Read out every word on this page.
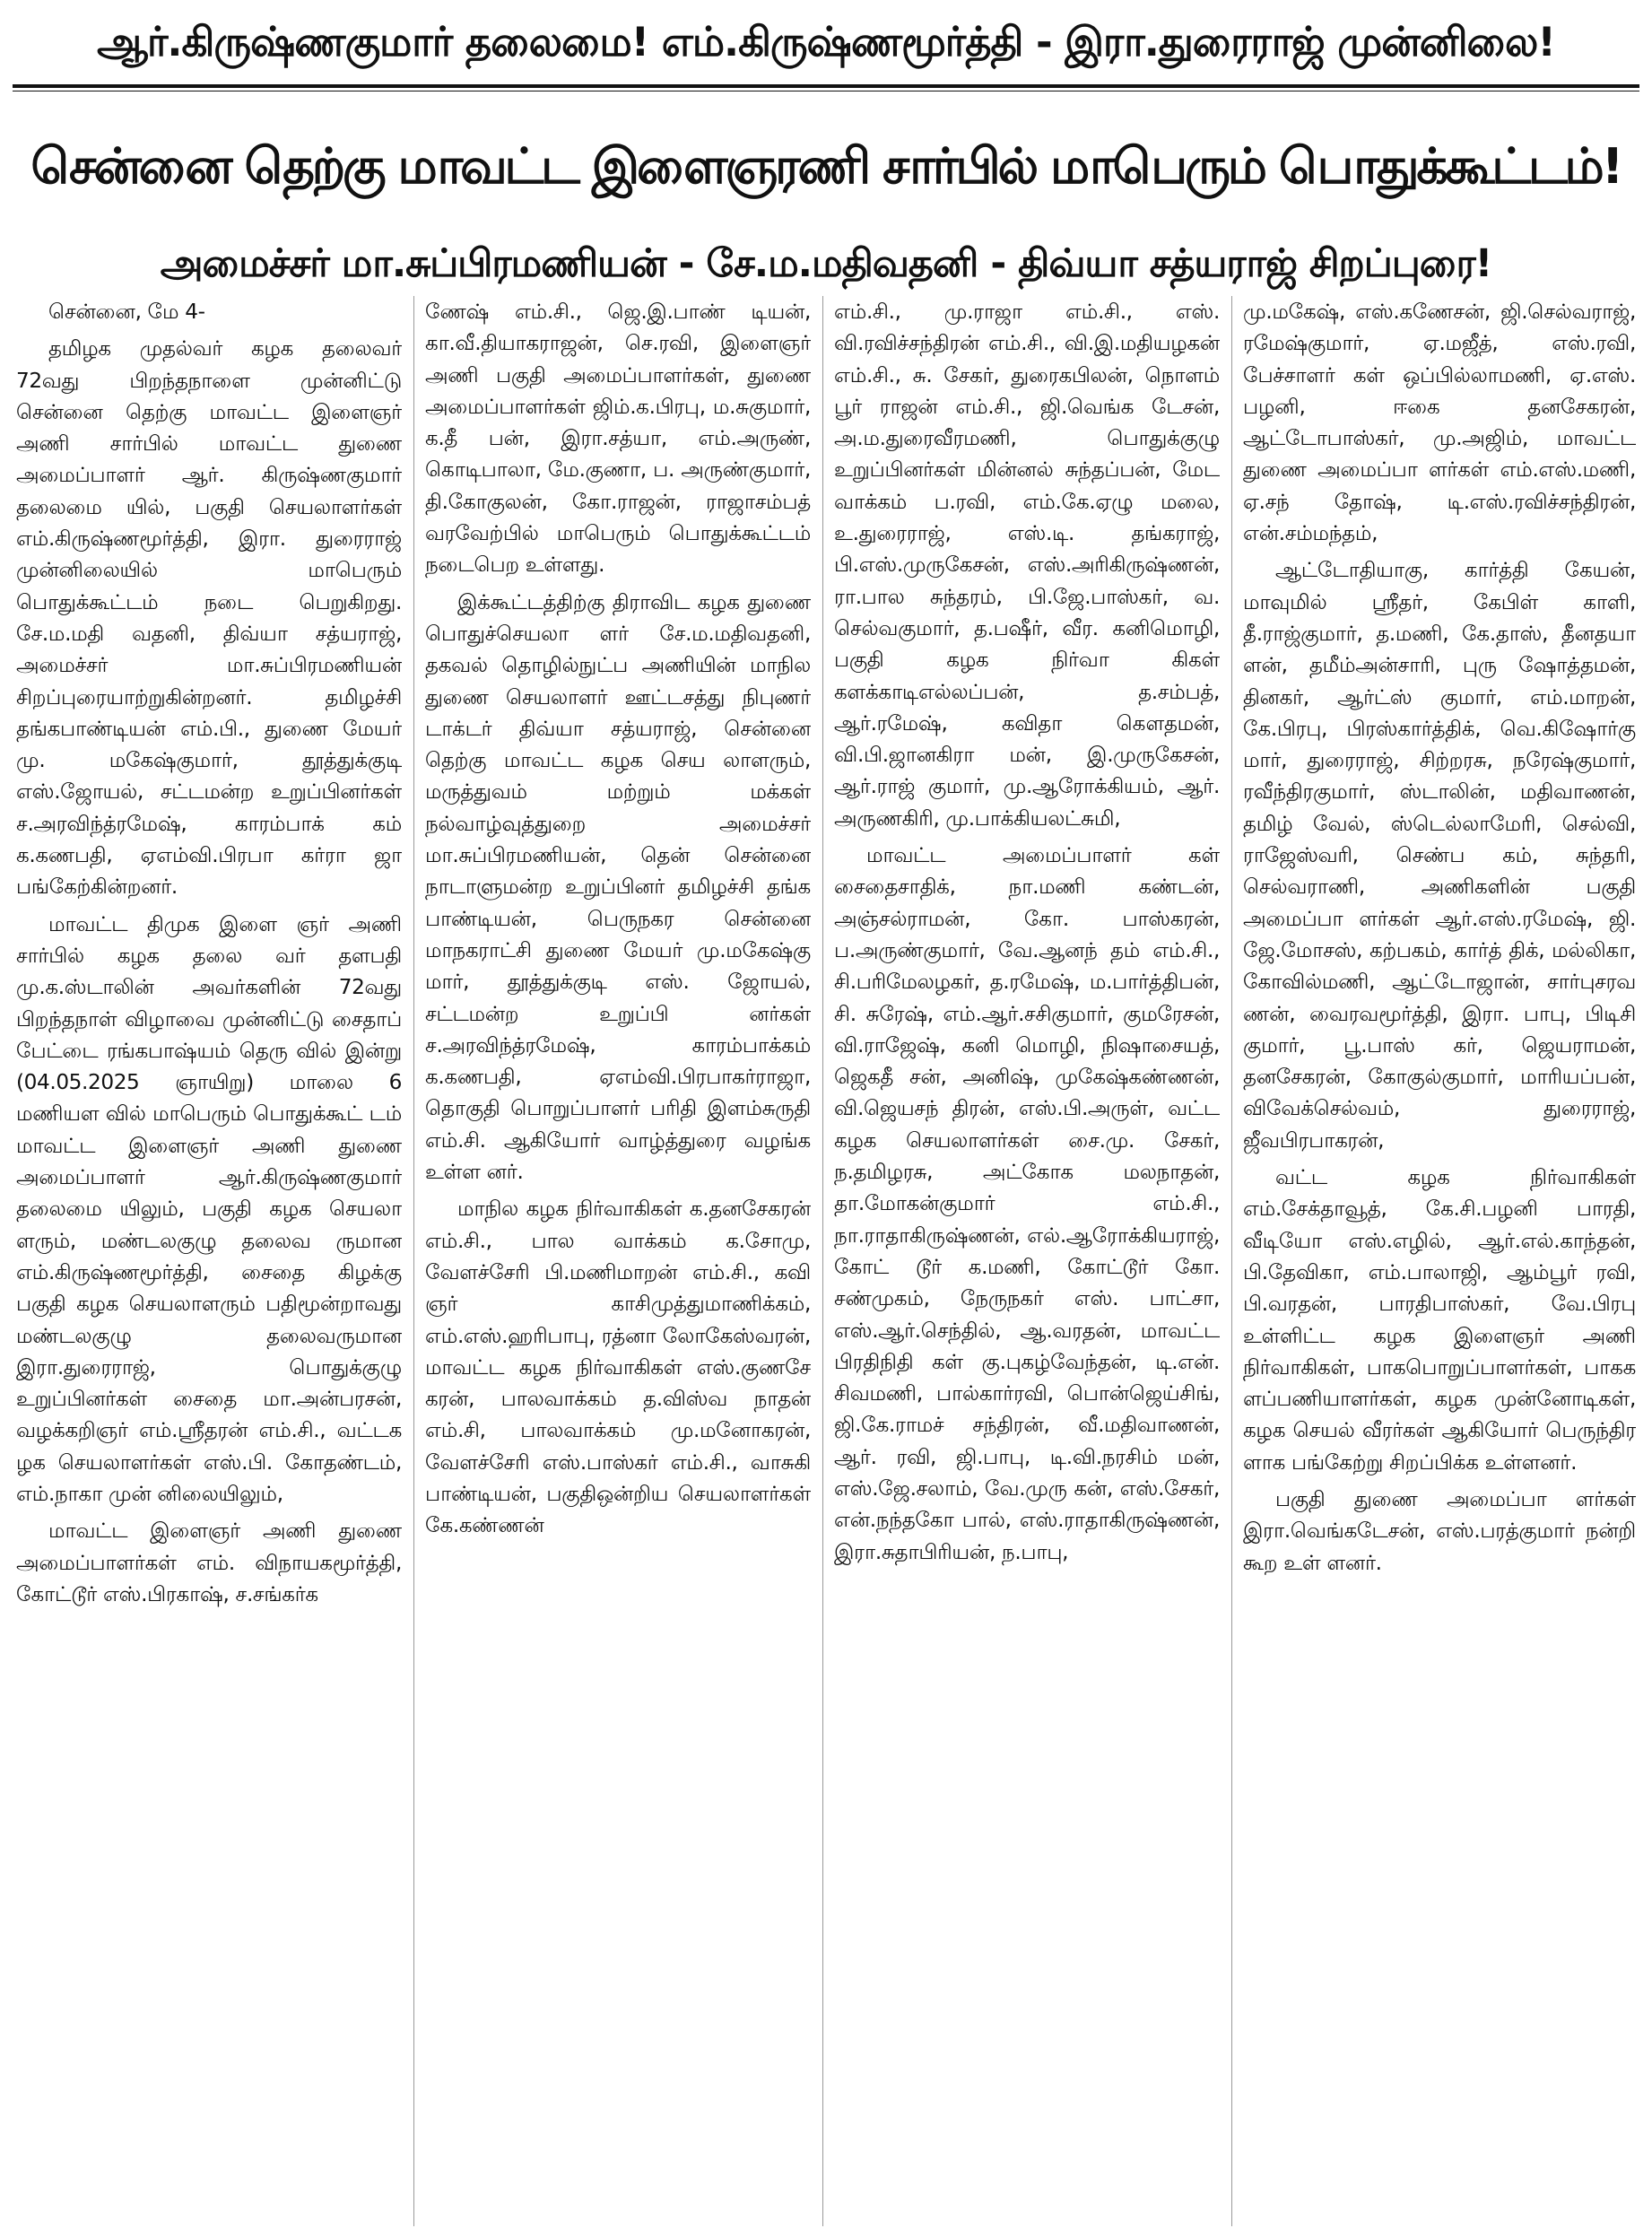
ஆர்.கிருஷ்ணகுமார் தலைமை! எம்.கிருஷ்ணமூர்த்தி - இரா.துரைராஜ் முன்னிலை!
சென்னை தெற்கு மாவட்ட இளைஞரணி சார்பில் மாபெரும் பொதுக்கூட்டம்!
அமைச்சர் மா.சுப்பிரமணியன் - சே.ம.மதிவதனி - திவ்யா சத்யராஜ் சிறப்புரை!

சென்னை, மே 4-

தமிழக முதல்வர் கழக தலைவர் 72வது பிறந்தநாளை முன்னிட்டு சென்னை தெற்கு மாவட்ட இளைஞர் அணி சார்பில் மாவட்ட துணை அமைப்பாளர் ஆர். கிருஷ்ணகுமார் தலைமை யில், பகுதி செயலாளர்கள் எம்.கிருஷ்ணமூர்த்தி, இரா. துரைராஜ் முன்னிலையில் மாபெரும் பொதுக்கூட்டம் நடை பெறுகிறது. சே.ம.மதி வதனி, திவ்யா சத்யராஜ், அமைச்சர் மா.சுப்பிரமணியன் சிறப்புரையாற்றுகின்றனர். தமிழச்சி தங்கபாண்டியன் எம்.பி., துணை மேயர் மு. மகேஷ்குமார், தூத்துக்குடி எஸ்.ஜோயல், சட்டமன்ற உறுப்பினர்கள் ச.அரவிந்த்ரமேஷ், காரம்பாக் கம் க.கணபதி, ஏஎம்வி.பிரபா கர்ரா ஜா பங்கேற்கின்றனர்.

மாவட்ட திமுக இளை ஞர் அணி சார்பில் கழக தலை வர் தளபதி மு.க.ஸ்டாலின் அவர்களின் 72வது பிறந்தநாள் விழாவை முன்னிட்டு சைதாப் பேட்டை ரங்கபாஷ்யம் தெரு வில் இன்று (04.05.2025 ஞாயிறு) மாலை 6 மணியள வில் மாபெரும் பொதுக்கூட் டம் மாவட்ட இளைஞர் அணி துணை அமைப்பாளர் ஆர்.கிருஷ்ணகுமார் தலைமை யிலும், பகுதி கழக செயலா ளரும், மண்டலகுழு தலைவ ருமான எம்.கிருஷ்ணமூர்த்தி, சைதை கிழக்கு பகுதி கழக செயலாளரும் பதிமூன்றாவது மண்டலகுழு தலைவருமான இரா.துரைராஜ், பொதுக்குழு உறுப்பினர்கள் சைதை மா.அன்பரசன், வழக்கறிஞர் எம்.ஸ்ரீதரன் எம்.சி., வட்டக ழக செயலாளர்கள் எஸ்.பி. கோதண்டம், எம்.நாகா முன் னிலையிலும்,

மாவட்ட இளைஞர் அணி துணை அமைப்பாளர்கள் எம். விநாயகமூர்த்தி, கோட்டூர் எஸ்.பிரகாஷ், ச.சங்கர்க

ணேஷ் எம்.சி., ஜெ.இ.பாண் டியன், கா.வீ.தியாகராஜன், செ.ரவி, இளைஞர் அணி பகுதி அமைப்பாளர்கள், துணை அமைப்பாளர்கள் ஜிம்.க.பிரபு, ம.சுகுமார், க.தீ பன், இரா.சத்யா, எம்.அருண், கொடிபாலா, மே.குணா, ப. அருண்குமார், தி.கோகுலன், கோ.ராஜன், ராஜாசம்பத் வரவேற்பில் மாபெரும் பொதுக்கூட்டம் நடைபெற உள்ளது.

இக்கூட்டத்திற்கு திராவிட கழக துணை பொதுச்செயலா ளர் சே.ம.மதிவதனி, தகவல் தொழில்நுட்ப அணியின் மாநில துணை செயலாளர் ஊட்டசத்து நிபுணர் டாக்டர் திவ்யா சத்யராஜ், சென்னை தெற்கு மாவட்ட கழக செய லாளரும், மருத்துவம் மற்றும் மக்கள் நல்வாழ்வுத்துறை அமைச்சர் மா.சுப்பிரமணியன், தென் சென்னை நாடாளுமன்ற உறுப்பினர் தமிழச்சி தங்க பாண்டியன், பெருநகர சென்னை மாநகராட்சி துணை மேயர் மு.மகேஷ்கு மார், தூத்துக்குடி எஸ். ஜோயல், சட்டமன்ற உறுப்பி னர்கள் ச.அரவிந்த்ரமேஷ், காரம்பாக்கம் க.கணபதி, ஏஎம்வி.பிரபாகர்ராஜா, தொகுதி பொறுப்பாளர் பரிதி இளம்சுருதி எம்.சி. ஆகியோர் வாழ்த்துரை வழங்க உள்ள னர்.

மாநில கழக நிர்வாகிகள் க.தனசேகரன் எம்.சி., பால வாக்கம் க.சோமு, வேளச்சேரி பி.மணிமாறன் எம்.சி., கவி ஞர் காசிமுத்துமாணிக்கம், எம்.எஸ்.ஹரிபாபு, ரத்னா லோகேஸ்வரன், மாவட்ட கழக நிர்வாகிகள் எஸ்.குணசே கரன், பாலவாக்கம் த.விஸ்வ நாதன் எம்.சி, பாலவாக்கம் மு.மனோகரன், வேளச்சேரி எஸ்.பாஸ்கர் எம்.சி., வாசுகி பாண்டியன், பகுதிஒன்றிய செயலாளர்கள் கே.கண்ணன்

எம்.சி., மு.ராஜா எம்.சி., எஸ். வி.ரவிச்சந்திரன் எம்.சி., வி.இ.மதியழகன் எம்.சி., சு. சேகர், துரைகபிலன், நொளம் பூர் ராஜன் எம்.சி., ஜி.வெங்க டேசன், அ.ம.துரைவீரமணி, பொதுக்குழு உறுப்பினர்கள் மின்னல் சுந்தப்பன், மேட வாக்கம் ப.ரவி, எம்.கே.ஏழு மலை, உ.துரைராஜ், எஸ்.டி. தங்கராஜ், பி.எஸ்.முருகேசன், எஸ்.அரிகிருஷ்ணன், ரா.பால சுந்தரம், பி.ஜே.பாஸ்கர், வ. செல்வகுமார், த.பஷீர், வீர. கனிமொழி, பகுதி கழக நிர்வா கிகள் களக்காடிஎல்லப்பன், த.சம்பத், ஆர்.ரமேஷ், கவிதா கௌதமன், வி.பி.ஜானகிரா மன், இ.முருகேசன், ஆர்.ராஜ் குமார், மு.ஆரோக்கியம், ஆர். அருணகிரி, மு.பாக்கியலட்சுமி,

மாவட்ட அமைப்பாளர் கள் சைதைசாதிக், நா.மணி கண்டன், அஞ்சல்ராமன், கோ. பாஸ்கரன், ப.அருண்குமார், வே.ஆனந் தம் எம்.சி., சி.பரிமேலழகர், த.ரமேஷ், ம.பார்த்திபன், சி. சுரேஷ், எம்.ஆர்.சசிகுமார், குமரேசன், வி.ராஜேஷ், கனி மொழி, நிஷாசையத், ஜெகதீ சன், அனிஷ், முகேஷ்கண்ணன், வி.ஜெயசந் திரன், எஸ்.பி.அருள், வட்ட கழக செயலாளர்கள் சை.மு. சேகர், ந.தமிழரசு, அட்கோக மலநாதன், தா.மோகன்குமார் எம்.சி., நா.ராதாகிருஷ்ணன், எல்.ஆரோக்கியராஜ், கோட் டூர் க.மணி, கோட்டூர் கோ. சண்முகம், நேருநகர் எஸ். பாட்சா, எஸ்.ஆர்.செந்தில், ஆ.வரதன், மாவட்ட பிரதிநிதி கள் கு.புகழ்வேந்தன், டி.என். சிவமணி, பால்கார்ரவி, பொன்ஜெய்சிங், ஜி.கே.ராமச் சந்திரன், வீ.மதிவாணன், ஆர். ரவி, ஜி.பாபு, டி.வி.நரசிம் மன், எஸ்.ஜே.சலாம், வே.முரு கன், எஸ்.சேகர், என்.நந்தகோ பால், எஸ்.ராதாகிருஷ்ணன், இரா.சுதாபிரியன், ந.பாபு,

மு.மகேஷ், எஸ்.கணேசன், ஜி.செல்வராஜ், ரமேஷ்குமார், ஏ.மஜீத், எஸ்.ரவி, பேச்சாளர் கள் ஒப்பில்லாமணி, ஏ.எஸ். பழனி, ஈகை தனசேகரன், ஆட்டோபாஸ்கர், மு.அஜிம், மாவட்ட துணை அமைப்பா ளர்கள் எம்.எஸ்.மணி, ஏ.சந் தோஷ், டி.எஸ்.ரவிச்சந்திரன், என்.சம்மந்தம்,

ஆட்டோதியாகு, கார்த்தி கேயன், மாவுமில் ஸ்ரீதர், கேபிள் காளி, தீ.ராஜ்குமார், த.மணி, கே.தாஸ், தீனதயா ளன், தமீம்அன்சாரி, புரு ஷோத்தமன், தினகர், ஆர்ட்ஸ் குமார், எம்.மாறன், கே.பிரபு, பிரஸ்கார்த்திக், வெ.கிஷோர்கு மார், துரைராஜ், சிற்றரசு, நரேஷ்குமார், ரவீந்திரகுமார், ஸ்டாலின், மதிவாணன், தமிழ் வேல், ஸ்டெல்லாமேரி, செல்வி, ராஜேஸ்வரி, செண்ப கம், சுந்தரி, செல்வராணி, அணிகளின் பகுதி அமைப்பா ளர்கள் ஆர்.எஸ்.ரமேஷ், ஜி. ஜே.மோசஸ், கற்பகம், கார்த் திக், மல்லிகா, கோவில்மணி, ஆட்டோஜான், சார்புசரவ ணன், வைரவமூர்த்தி, இரா. பாபு, பிடிசி குமார், பூ.பாஸ் கர், ஜெயராமன், தனசேகரன், கோகுல்குமார், மாரியப்பன், விவேக்செல்வம், துரைராஜ், ஜீவபிரபாகரன்,

வட்ட கழக நிர்வாகிகள் எம்.சேக்தாவூத், கே.சி.பழனி பாரதி, வீடியோ எஸ்.எழில், ஆர்.எல்.காந்தன், பி.தேவிகா, எம்.பாலாஜி, ஆம்பூர் ரவி, பி.வரதன், பாரதிபாஸ்கர், வே.பிரபு உள்ளிட்ட கழக இளைஞர் அணி நிர்வாகிகள், பாகபொறுப்பாளர்கள், பாகக ளப்பணியாளர்கள், கழக முன்னோடிகள், கழக செயல் வீரர்கள் ஆகியோர் பெருந்திர ளாக பங்கேற்று சிறப்பிக்க உள்ளனர்.

பகுதி துணை அமைப்பா ளர்கள் இரா.வெங்கடேசன், எஸ்.பரத்குமார் நன்றி கூற உள் ளனர்.
